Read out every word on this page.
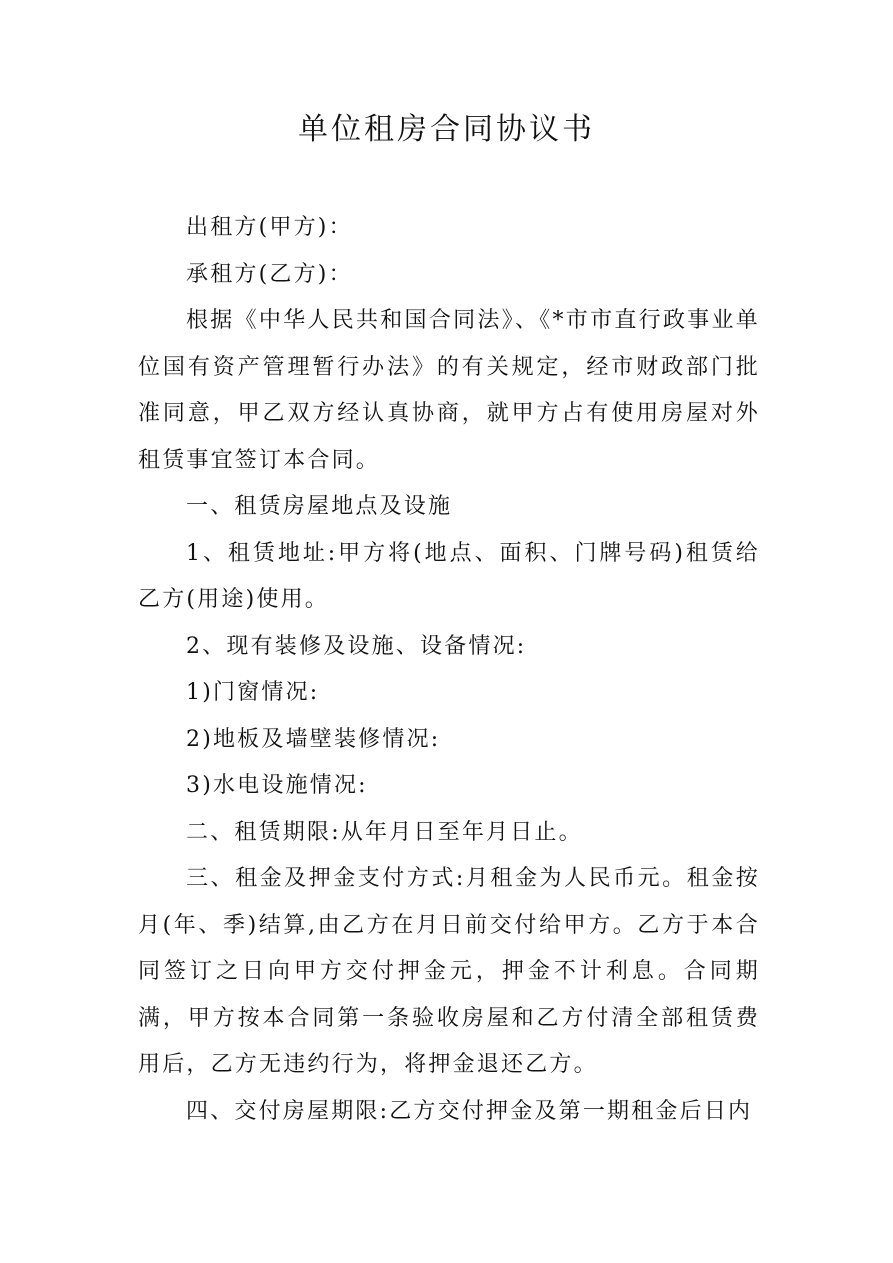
单位租房合同协议书

出租方(甲方)：

承租方(乙方)：

根据《中华人民共和国合同法》、《*市市直行政事业单位国有资产管理暂行办法》的有关规定，经市财政部门批准同意，甲乙双方经认真协商，就甲方占有使用房屋对外租赁事宜签订本合同。

一、租赁房屋地点及设施

1、租赁地址:甲方将(地点、面积、门牌号码)租赁给乙方(用途)使用。

2、现有装修及设施、设备情况:

1)门窗情况:

2)地板及墙壁装修情况:

3)水电设施情况:

二、租赁期限:从年月日至年月日止。

三、租金及押金支付方式:月租金为人民币元。租金按月(年、季)结算,由乙方在月日前交付给甲方。乙方于本合同签订之日向甲方交付押金元，押金不计利息。合同期满，甲方按本合同第一条验收房屋和乙方付清全部租赁费用后，乙方无违约行为，将押金退还乙方。

四、交付房屋期限:乙方交付押金及第一期租金后日内
